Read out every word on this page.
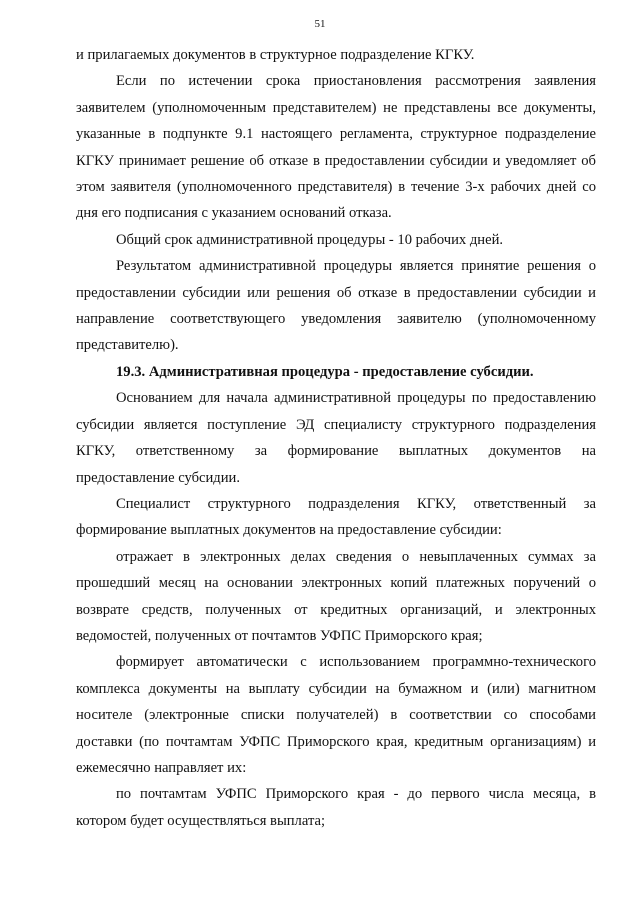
51

и прилагаемых документов в структурное подразделение КГКУ.

Если по истечении срока приостановления рассмотрения заявления заявителем (уполномоченным представителем) не представлены все документы, указанные в подпункте 9.1 настоящего регламента, структурное подразделение КГКУ принимает решение об отказе в предоставлении субсидии и уведомляет об этом заявителя (уполномоченного представителя) в течение 3-х рабочих дней со дня его подписания с указанием оснований отказа.

Общий срок административной процедуры - 10 рабочих дней.

Результатом административной процедуры является принятие решения о предоставлении субсидии или решения об отказе в предоставлении субсидии и направление соответствующего уведомления заявителю (уполномоченному представителю).

19.3. Административная процедура - предоставление субсидии.

Основанием для начала административной процедуры по предоставлению субсидии является поступление ЭД специалисту структурного подразделения КГКУ, ответственному за формирование выплатных документов на предоставление субсидии.

Специалист структурного подразделения КГКУ, ответственный за формирование выплатных документов на предоставление субсидии:

отражает в электронных делах сведения о невыплаченных суммах за прошедший месяц на основании электронных копий платежных поручений о возврате средств, полученных от кредитных организаций, и электронных ведомостей, полученных от почтамтов УФПС Приморского края;

формирует автоматически с использованием программно-технического комплекса документы на выплату субсидии на бумажном и (или) магнитном носителе (электронные списки получателей) в соответствии со способами доставки (по почтамтам УФПС Приморского края, кредитным организациям) и ежемесячно направляет их:

по почтамтам УФПС Приморского края - до первого числа месяца, в котором будет осуществляться выплата;
